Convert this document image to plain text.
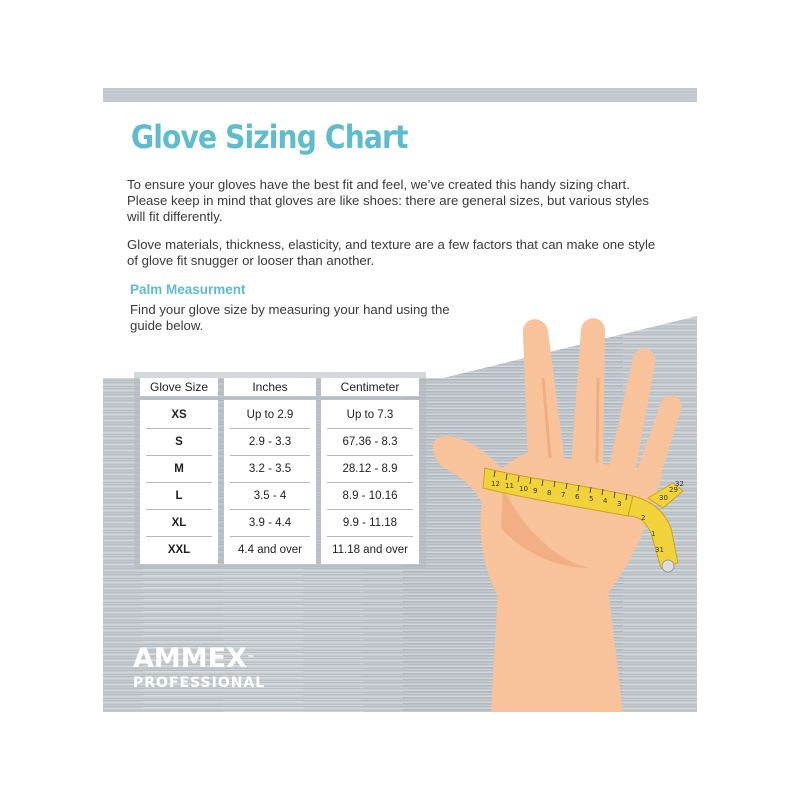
Glove Sizing Chart

To ensure your gloves have the best fit and feel, we’ve created this handy sizing chart. Please keep in mind that gloves are like shoes: there are general sizes, but various styles will fit differently.

Glove materials, thickness, elasticity, and texture are a few factors that can make one style of glove fit snugger or looser than another.

Palm Measurment

Find your glove size by measuring your hand using the guide below.

Glove Size	Inches	Centimeter
XS	Up to 2.9	Up to 7.3
S	2.9 - 3.3	67.36 - 8.3
M	3.2 - 3.5	28.12 - 8.9
L	3.5 - 4	8.9 - 10.16
XL	3.9 - 4.4	9.9 - 11.18
XXL	4.4 and over	11.18 and over
12 11 10 9 8 7 6 5 4 3
2
1
31
30
29
32
AMMEX™
PROFESSIONAL
